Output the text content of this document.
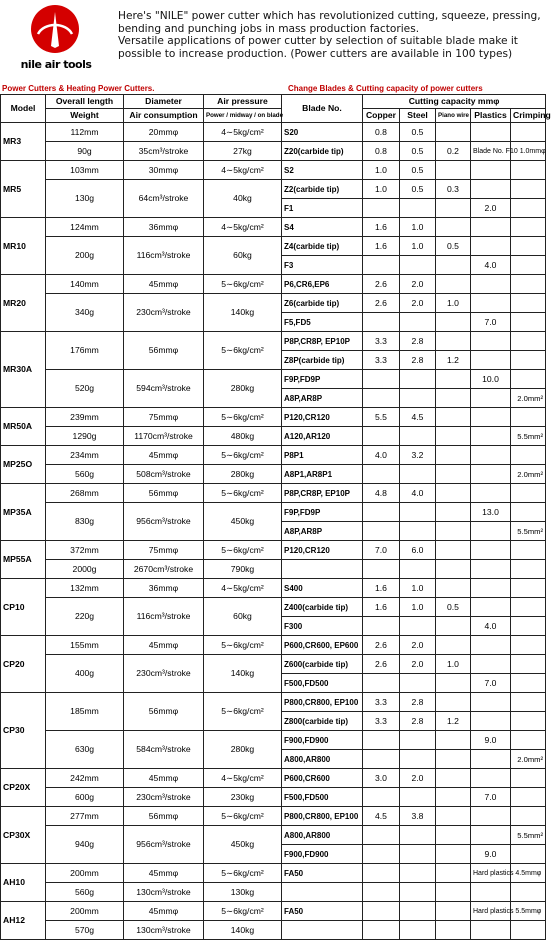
nile air tools

Here's "NILE" power cutter which has revolutionized cutting, squeeze, pressing,

bending and punching jobs in mass production factories.

Versatile applications of power cutter by selection of suitable blade make it

possible to increase production. (Power cutters are available in 100 types)

Power Cutters & Heating Power Cutters.	Change Blades & Cutting capacity of power cutters
Model	Overall length	Diameter	Air pressure	Blade No.	Cutting capacity mmφ				
	Weight	Air consumption	Power / midway / on blade		Copper	Steel	Piano wire	Plastics	Crimping
MR3	112mm	20mmφ	4∼5kg/cm²	S20	0.8	0.5			
	90g	35cm³/stroke	27kg	Z20(carbide tip)	0.8	0.5	0.2	Blade No. F10 1.0mmφ	
MR5	103mm	30mmφ	4∼5kg/cm²	S2	1.0	0.5			
	130g	64cm³/stroke	40kg	Z2(carbide tip)	1.0	0.5	0.3		
				F1				2.0	
MR10	124mm	36mmφ	4∼5kg/cm²	S4	1.6	1.0			
	200g	116cm³/stroke	60kg	Z4(carbide tip)	1.6	1.0	0.5		
				F3				4.0	
MR20	140mm	45mmφ	5∼6kg/cm²	P6,CR6,EP6	2.6	2.0			
	340g	230cm³/stroke	140kg	Z6(carbide tip)	2.6	2.0	1.0		
				F5,FD5				7.0	
MR30A	176mm	56mmφ	5∼6kg/cm²	P8P,CR8P, EP10P	3.3	2.8			
				Z8P(carbide tip)	3.3	2.8	1.2		
	520g	594cm³/stroke	280kg	F9P,FD9P				10.0	
				A8P,AR8P					2.0mm²
MR50A	239mm	75mmφ	5∼6kg/cm²	P120,CR120	5.5	4.5			
	1290g	1170cm³/stroke	480kg	A120,AR120					5.5mm²
MP25O	234mm	45mmφ	5∼6kg/cm²	P8P1	4.0	3.2			
	560g	508cm³/stroke	280kg	A8P1,AR8P1					2.0mm²
MP35A	268mm	56mmφ	5∼6kg/cm²	P8P,CR8P, EP10P	4.8	4.0			
	830g	956cm³/stroke	450kg	F9P,FD9P				13.0	
				A8P,AR8P					5.5mm²
MP55A	372mm	75mmφ	5∼6kg/cm²	P120,CR120	7.0	6.0			
	2000g	2670cm³/stroke	790kg						
CP10	132mm	36mmφ	4∼5kg/cm²	S400	1.6	1.0			
	220g	116cm³/stroke	60kg	Z400(carbide tip)	1.6	1.0	0.5		
				F300				4.0	
CP20	155mm	45mmφ	5∼6kg/cm²	P600,CR600, EP600	2.6	2.0			
	400g	230cm³/stroke	140kg	Z600(carbide tip)	2.6	2.0	1.0		
				F500,FD500				7.0	
CP30	185mm	56mmφ	5∼6kg/cm²	P800,CR800, EP100	3.3	2.8			
				Z800(carbide tip)	3.3	2.8	1.2		
	630g	584cm³/stroke	280kg	F900,FD900				9.0	
				A800,AR800					2.0mm²
CP20X	242mm	45mmφ	4∼5kg/cm²	P600,CR600	3.0	2.0			
	600g	230cm³/stroke	230kg	F500,FD500				7.0	
CP30X	277mm	56mmφ	5∼6kg/cm²	P800,CR800, EP100	4.5	3.8			
	940g	956cm³/stroke	450kg	A800,AR800					5.5mm²
				F900,FD900				9.0	
AH10	200mm	45mmφ	5∼6kg/cm²	FA50				Hard plastics 4.5mmφ	
	560g	130cm³/stroke	130kg						
AH12	200mm	45mmφ	5∼6kg/cm²	FA50				Hard plastics 5.5mmφ	
	570g	130cm³/stroke	140kg						
